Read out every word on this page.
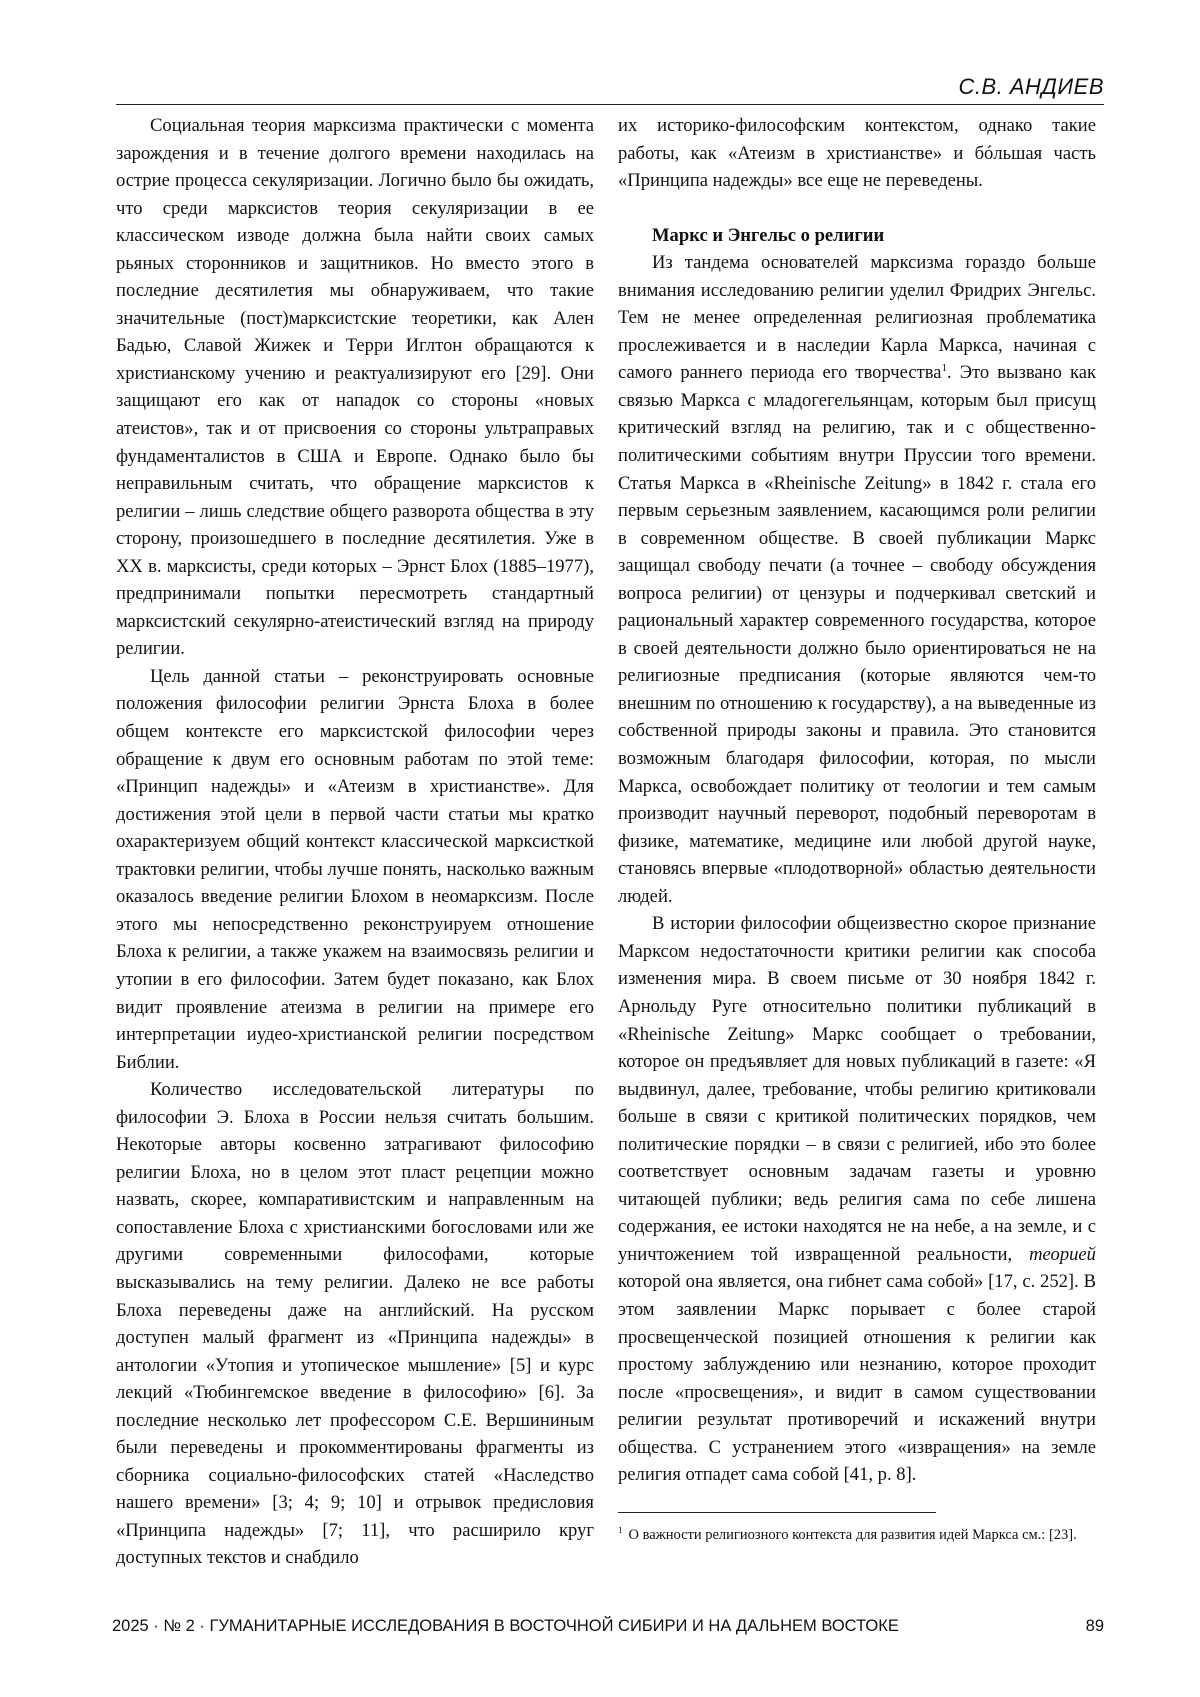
С.В. АНДИЕВ

Социальная теория марксизма практически с момента зарождения и в течение долгого времени находилась на острие процесса секуляризации. Логично было бы ожидать, что среди марксистов теория секуляризации в ее классическом изводе должна была найти своих самых рьяных сторонников и защитников. Но вместо этого в последние десятилетия мы обнаруживаем, что такие значительные (пост)марксистские теоретики, как Ален Бадью, Славой Жижек и Терри Иглтон обращаются к христианскому учению и реактуализируют его [29]. Они защищают его как от нападок со стороны «новых атеистов», так и от присвоения со стороны ультраправых фундаменталистов в США и Европе. Однако было бы неправильным считать, что обращение марксистов к религии – лишь следствие общего разворота общества в эту сторону, произошедшего в последние десятилетия. Уже в XX в. марксисты, среди которых – Эрнст Блох (1885–1977), предпринимали попытки пересмотреть стандартный марксистский секулярно-атеистический взгляд на природу религии.

Цель данной статьи – реконструировать основные положения философии религии Эрнста Блоха в более общем контексте его марксистской философии через обращение к двум его основным работам по этой теме: «Принцип надежды» и «Атеизм в христианстве». Для достижения этой цели в первой части статьи мы кратко охарактеризуем общий контекст классической марксисткой трактовки религии, чтобы лучше понять, насколько важным оказалось введение религии Блохом в неомарксизм. После этого мы непосредственно реконструируем отношение Блоха к религии, а также укажем на взаимосвязь религии и утопии в его философии. Затем будет показано, как Блох видит проявление атеизма в религии на примере его интерпретации иудео-христианской религии посредством Библии.

Количество исследовательской литературы по философии Э. Блоха в России нельзя считать большим. Некоторые авторы косвенно затрагивают философию религии Блоха, но в целом этот пласт рецепции можно назвать, скорее, компаративистским и направленным на сопоставление Блоха с христианскими богословами или же другими современными философами, которые высказывались на тему религии. Далеко не все работы Блоха переведены даже на английский. На русском доступен малый фрагмент из «Принципа надежды» в антологии «Утопия и утопическое мышление» [5] и курс лекций «Тюбингемское введение в философию» [6]. За последние несколько лет профессором С.Е. Вершининым были переведены и прокомментированы фрагменты из сборника социально-философских статей «Наследство нашего времени» [3; 4; 9; 10] и отрывок предисловия «Принципа надежды» [7; 11], что расширило круг доступных текстов и снабдило

их историко-философским контекстом, однако такие работы, как «Атеизм в христианстве» и бóльшая часть «Принципа надежды» все еще не переведены.

Маркс и Энгельс о религии

Из тандема основателей марксизма гораздо больше внимания исследованию религии уделил Фридрих Энгельс. Тем не менее определенная религиозная проблематика прослеживается и в наследии Карла Маркса, начиная с самого раннего периода его творчества$^1$. Это вызвано как связью Маркса с младогегельянцам, которым был присущ критический взгляд на религию, так и с общественно-политическими событиям внутри Пруссии того времени. Статья Маркса в «Rheinische Zeitung» в 1842 г. стала его первым серьезным заявлением, касающимся роли религии в современном обществе. В своей публикации Маркс защищал свободу печати (а точнее – свободу обсуждения вопроса религии) от цензуры и подчеркивал светский и рациональный характер современного государства, которое в своей деятельности должно было ориентироваться не на религиозные предписания (которые являются чем-то внешним по отношению к государству), а на выведенные из собственной природы законы и правила. Это становится возможным благодаря философии, которая, по мысли Маркса, освобождает политику от теологии и тем самым производит научный переворот, подобный переворотам в физике, математике, медицине или любой другой науке, становясь впервые «плодотворной» областью деятельности людей.

В истории философии общеизвестно скорое признание Марксом недостаточности критики религии как способа изменения мира. В своем письме от 30 ноября 1842 г. Арнольду Руге относительно политики публикаций в «Rheinische Zeitung» Маркс сообщает о требовании, которое он предъявляет для новых публикаций в газете: «Я выдвинул, далее, требование, чтобы религию критиковали больше в связи с критикой политических порядков, чем политические порядки – в связи с религией, ибо это более соответствует основным задачам газеты и уровню читающей публики; ведь религия сама по себе лишена содержания, ее истоки находятся не на небе, а на земле, и с уничтожением той извращенной реальности, теорией которой она является, она гибнет сама собой» [17, с. 252]. В этом заявлении Маркс порывает с более старой просвещенческой позицией отношения к религии как простому заблуждению или незнанию, которое проходит после «просвещения», и видит в самом существовании религии результат противоречий и искажений внутри общества. С устранением этого «извращения» на земле религия отпадет сама собой [41, р. 8].

$^1$ О важности религиозного контекста для развития идей Маркса см.: [23].
2025 · № 2 · ГУМАНИТАРНЫЕ ИССЛЕДОВАНИЯ В ВОСТОЧНОЙ СИБИРИ И НА ДАЛЬНЕМ ВОСТОКЕ	89
